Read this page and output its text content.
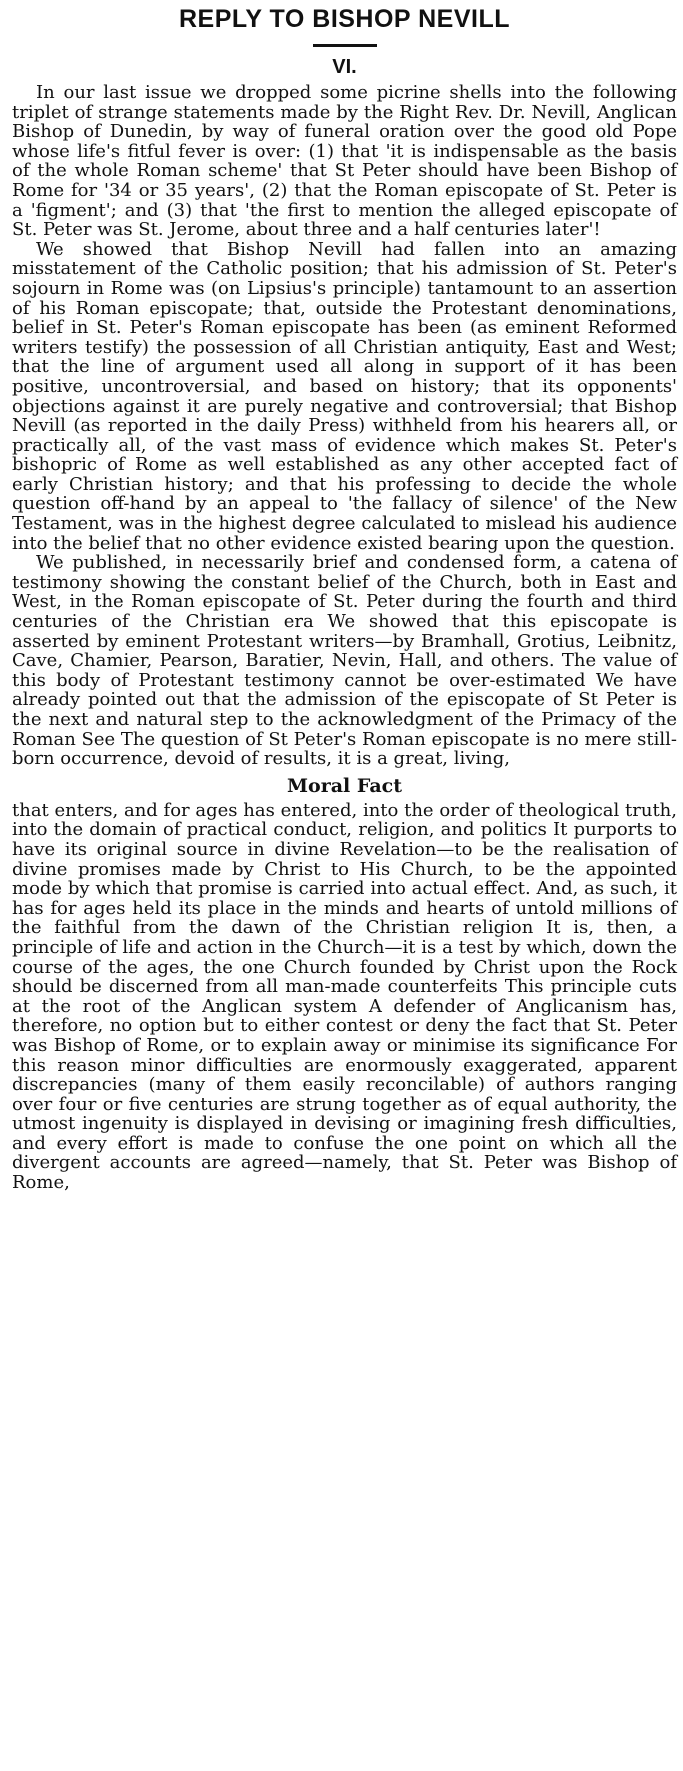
REPLY TO BISHOP NEVILL
VI.

In our last issue we dropped some picrine shells into the following triplet of strange statements made by the Right Rev. Dr. Nevill, Anglican Bishop of Dunedin, by way of funeral oration over the good old Pope whose life's fitful fever is over: (1) that 'it is indispensable as the basis of the whole Roman scheme' that St Peter should have been Bishop of Rome for '34 or 35 years', (2) that the Roman episcopate of St. Peter is a 'figment'; and (3) that 'the first to mention the alleged episcopate of St. Peter was St. Jerome, about three and a half centuries later'!

We showed that Bishop Nevill had fallen into an amazing misstatement of the Catholic position; that his admission of St. Peter's sojourn in Rome was (on Lipsius's principle) tantamount to an assertion of his Roman episcopate; that, outside the Protestant denominations, belief in St. Peter's Roman episcopate has been (as eminent Reformed writers testify) the possession of all Christian antiquity, East and West; that the line of argument used all along in support of it has been positive, uncontroversial, and based on history; that its opponents' objections against it are purely negative and controversial; that Bishop Nevill (as reported in the daily Press) withheld from his hearers all, or practically all, of the vast mass of evidence which makes St. Peter's bishopric of Rome as well established as any other accepted fact of early Christian history; and that his professing to decide the whole question off-hand by an appeal to 'the fallacy of silence' of the New Testament, was in the highest degree calculated to mislead his audience into the belief that no other evidence existed bearing upon the question.

We published, in necessarily brief and condensed form, a catena of testimony showing the constant belief of the Church, both in East and West, in the Roman episcopate of St. Peter during the fourth and third centuries of the Christian era We showed that this episcopate is asserted by eminent Protestant writers—by Bramhall, Grotius, Leibnitz, Cave, Chamier, Pearson, Baratier, Nevin, Hall, and others. The value of this body of Protestant testimony cannot be over-estimated We have already pointed out that the admission of the episcopate of St Peter is the next and natural step to the acknowledgment of the Primacy of the Roman See The question of St Peter's Roman episcopate is no mere still-born occurrence, devoid of results, it is a great, living,

Moral Fact

that enters, and for ages has entered, into the order of theological truth, into the domain of practical conduct, religion, and politics It purports to have its original source in divine Revelation—to be the realisation of divine promises made by Christ to His Church, to be the appointed mode by which that promise is carried into actual effect. And, as such, it has for ages held its place in the minds and hearts of untold millions of the faithful from the dawn of the Christian religion It is, then, a principle of life and action in the Church—it is a test by which, down the course of the ages, the one Church founded by Christ upon the Rock should be discerned from all man-made counterfeits This principle cuts at the root of the Anglican system A defender of Anglicanism has, therefore, no option but to either contest or deny the fact that St. Peter was Bishop of Rome, or to explain away or minimise its significance For this reason minor difficulties are enormously exaggerated, apparent discrepancies (many of them easily reconcilable) of authors ranging over four or five centuries are strung together as of equal authority, the utmost ingenuity is displayed in devising or imagining fresh difficulties, and every effort is made to confuse the one point on which all the divergent accounts are agreed—namely, that St. Peter was Bishop of Rome,
